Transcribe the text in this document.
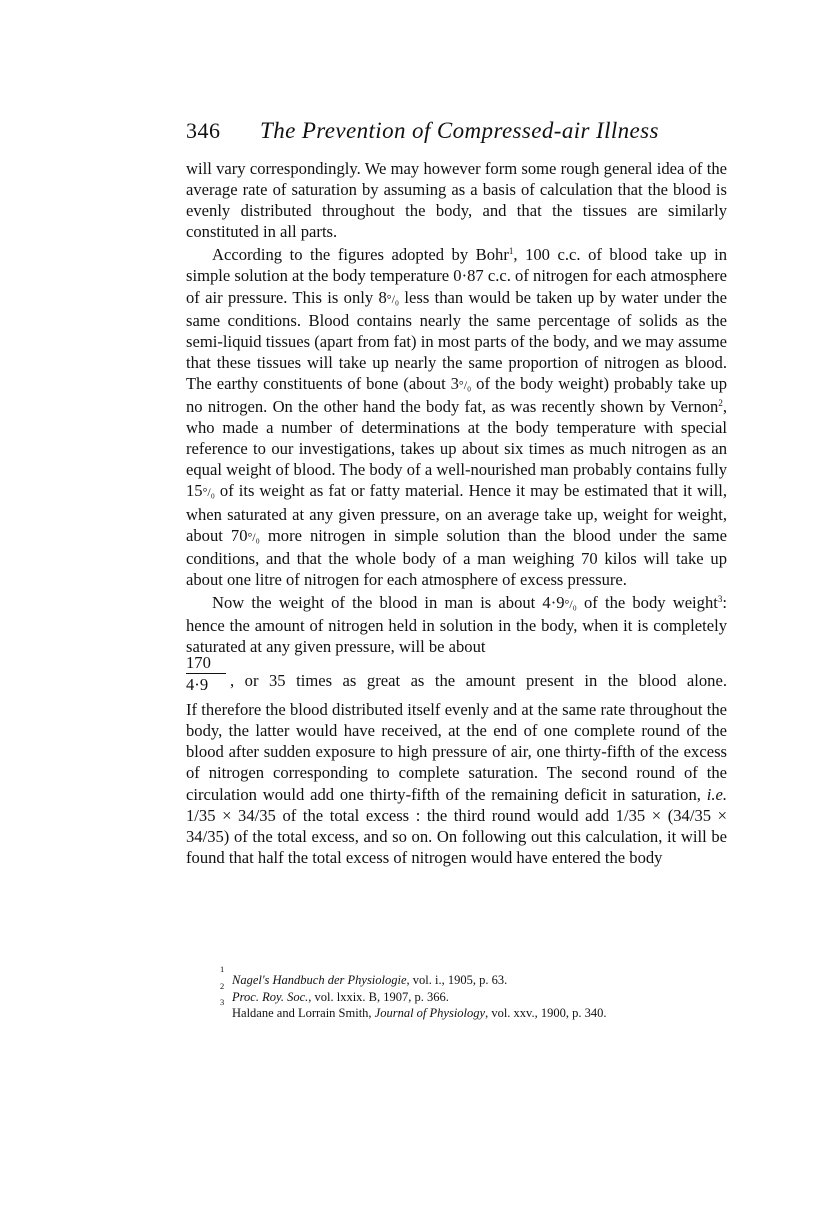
346 The Prevention of Compressed-air Illness

will vary correspondingly. We may however form some rough general idea of the average rate of saturation by assuming as a basis of calculation that the blood is evenly distributed throughout the body, and that the tissues are similarly constituted in all parts.

According to the figures adopted by Bohr$^1$, 100 c.c. of blood take up in simple solution at the body temperature 0·87 c.c. of nitrogen for each atmosphere of air pressure. This is only 8°/₀ less than would be taken up by water under the same conditions. Blood contains nearly the same percentage of solids as the semi-liquid tissues (apart from fat) in most parts of the body, and we may assume that these tissues will take up nearly the same proportion of nitrogen as blood. The earthy constituents of bone (about 3°/₀ of the body weight) probably take up no nitrogen. On the other hand the body fat, as was recently shown by Vernon$^2$, who made a number of determinations at the body temperature with special reference to our investigations, takes up about six times as much nitrogen as an equal weight of blood. The body of a well-nourished man probably contains fully 15°/₀ of its weight as fat or fatty material. Hence it may be estimated that it will, when saturated at any given pressure, on an average take up, weight for weight, about 70°/₀ more nitrogen in simple solution than the blood under the same conditions, and that the whole body of a man weighing 70 kilos will take up about one litre of nitrogen for each atmosphere of excess pressure.

Now the weight of the blood in man is about 4·9°/₀ of the body weight$^3$: hence the amount of nitrogen held in solution in the body, when it is completely saturated at any given pressure, will be about

$\frac{170}{4\cdot 9}$ , or 35 times as great as the amount present in the blood alone.

If therefore the blood distributed itself evenly and at the same rate throughout the body, the latter would have received, at the end of one complete round of the blood after sudden exposure to high pressure of air, one thirty-fifth of the excess of nitrogen corresponding to complete saturation. The second round of the circulation would add one thirty-fifth of the remaining deficit in saturation, i.e. 1/35 × 34/35 of the total excess : the third round would add 1/35 × (34/35 × 34/35) of the total excess, and so on. On following out this calculation, it will be found that half the total excess of nitrogen would have entered the body

1
Nagel's Handbuch der Physiologie, vol. i., 1905, p. 63.
2
Proc. Roy. Soc., vol. lxxix. B, 1907, p. 366.
3
Haldane and Lorrain Smith, Journal of Physiology, vol. xxv., 1900, p. 340.
